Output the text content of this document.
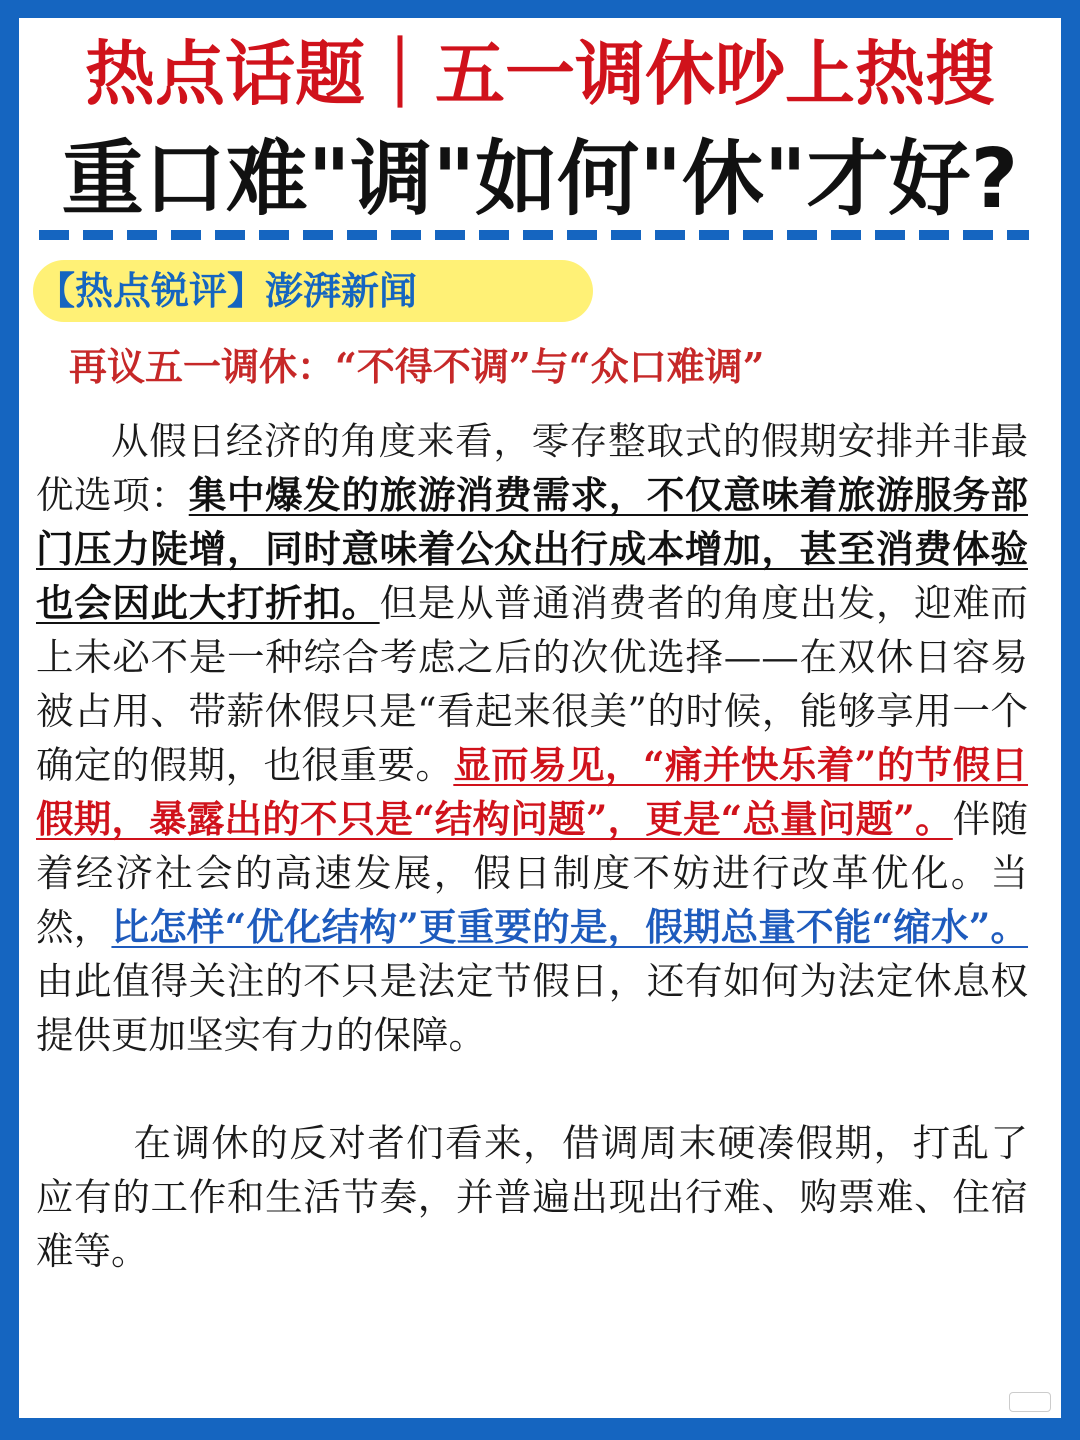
热点话题｜五一调休吵上热搜
重口难"调"如何"休"才好?
【热点锐评】澎湃新闻
再议五一调休：“不得不调”与“众口难调”

从假日经济的角度来看，零存整取式的假期安排并非最优选项：集中爆发的旅游消费需求，不仅意味着旅游服务部门压力陡增，同时意味着公众出行成本增加，甚至消费体验也会因此大打折扣。但是从普通消费者的角度出发，迎难而上未必不是一种综合考虑之后的次优选择——在双休日容易被占用、带薪休假只是“看起来很美”的时候，能够享用一个确定的假期，也很重要。显而易见，“痛并快乐着”的节假日假期，暴露出的不只是“结构问题”，更是“总量问题”。伴随着经济社会的高速发展，假日制度不妨进行改革优化。当然，比怎样“优化结构”更重要的是，假期总量不能“缩水”。由此值得关注的不只是法定节假日，还有如何为法定休息权提供更加坚实有力的保障。

在调休的反对者们看来，借调周末硬凑假期，打乱了应有的工作和生活节奏，并普遍出现出行难、购票难、住宿难等。
